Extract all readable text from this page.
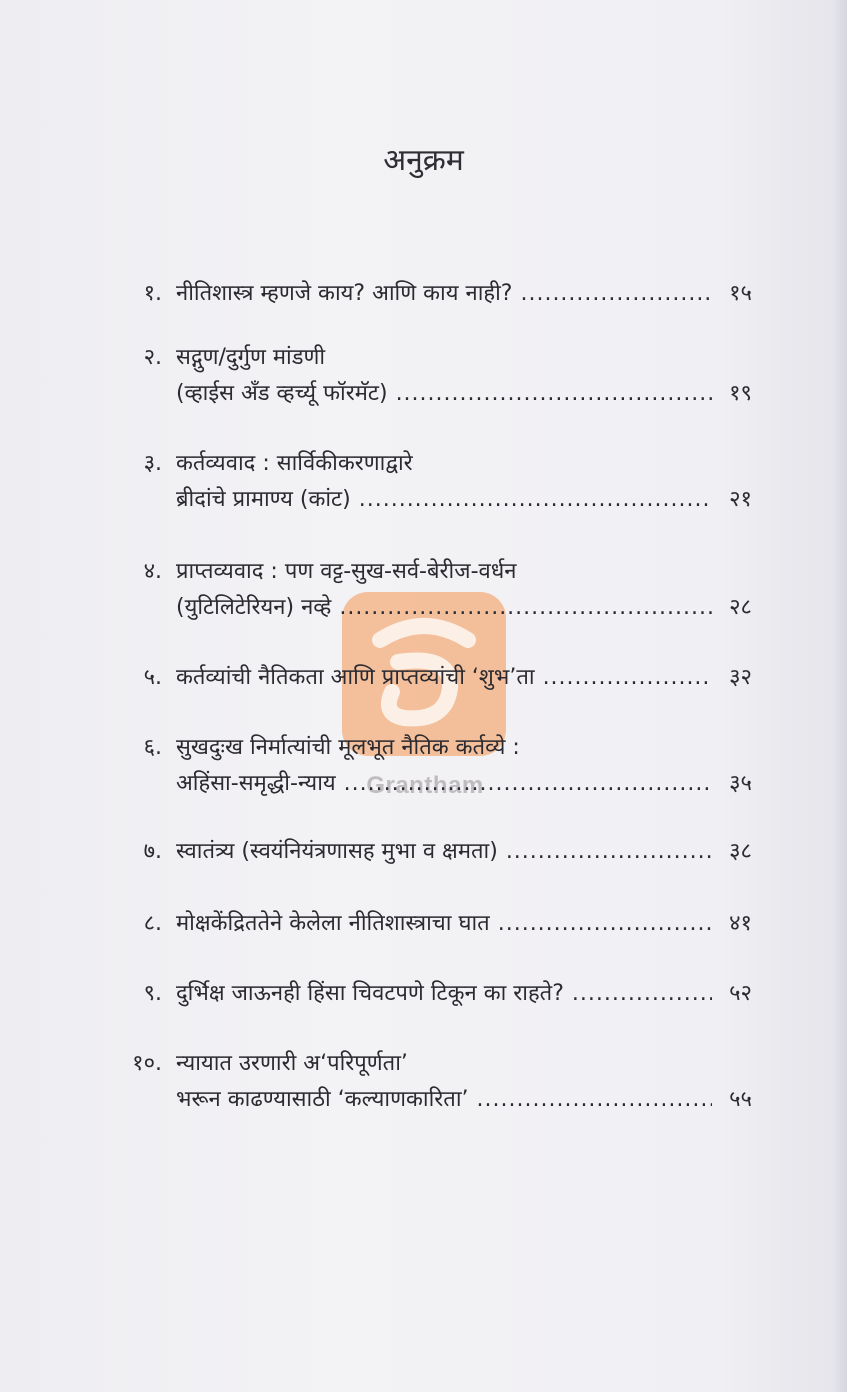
अनुक्रम
Grantham
१. नीतिशास्त्र म्हणजे काय? आणि काय नाही? .....	१५
२. सद्गुण/दुर्गुण मांडणी
(व्हाईस अँड व्हर्च्यू फॉरमॅट) .....	१९
३. कर्तव्यवाद : सार्विकीकरणाद्वारे
ब्रीदांचे प्रामाण्य (कांट) .....	२१
४. प्राप्तव्यवाद : पण वट्ट-सुख-सर्व-बेरीज-वर्धन
(युटिलिटेरियन) नव्हे .....	२८
५. कर्तव्यांची नैतिकता आणि प्राप्तव्यांची ‘शुभ’ता .....	३२
६. सुखदुःख निर्मात्यांची मूलभूत नैतिक कर्तव्ये :
अहिंसा-समृद्धी-न्याय .....	३५
७. स्वातंत्र्य (स्वयंनियंत्रणासह मुभा व क्षमता) .....	३८
८. मोक्षकेंद्रिततेने केलेला नीतिशास्त्राचा घात .....	४१
९. दुर्भिक्ष जाऊनही हिंसा चिवटपणे टिकून का राहते? .....	५२
१०. न्यायात उरणारी अ‘परिपूर्णता’
भरून काढण्यासाठी ‘कल्याणकारिता’ .....	५५
